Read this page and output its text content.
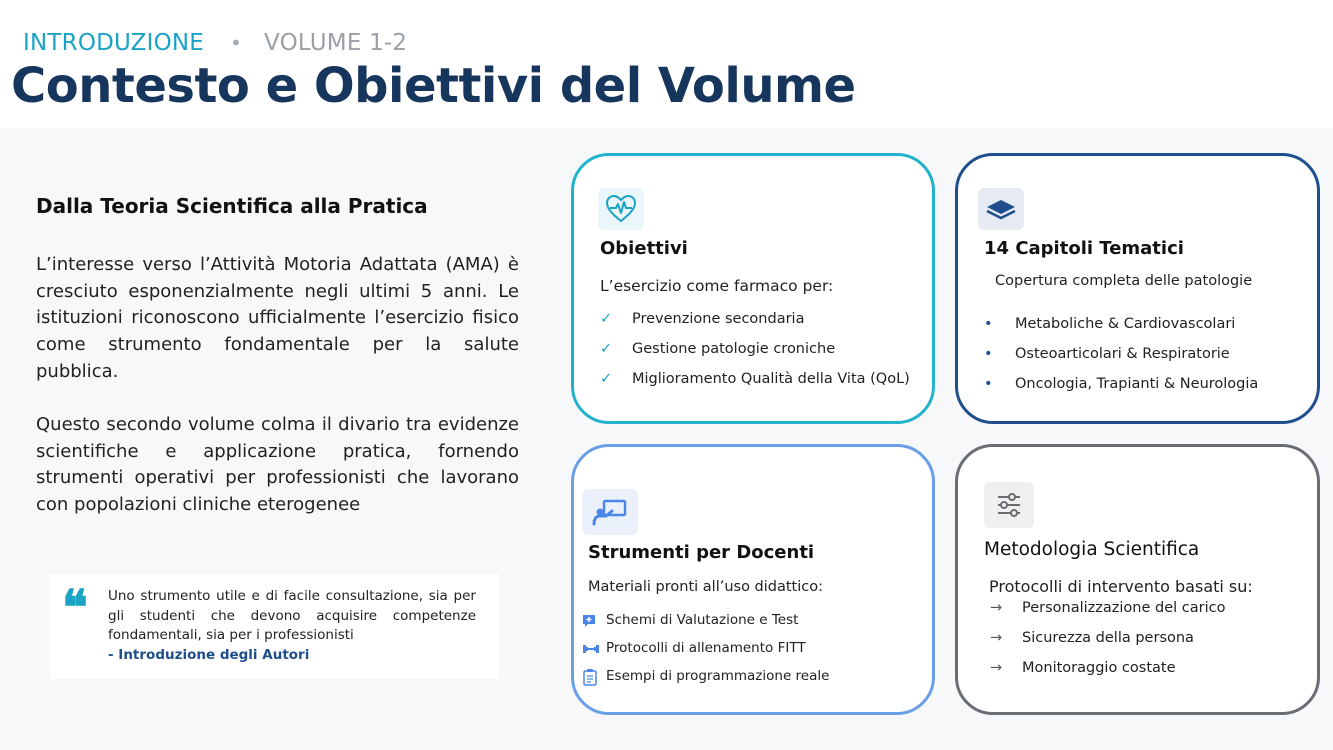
INTRODUZIONE • VOLUME 1-2
Contesto e Obiettivi del Volume
Dalla Teoria Scientifica alla Pratica
L’interesse verso l’Attività Motoria Adattata (AMA) è cresciuto esponenzialmente negli ultimi 5 anni. Le istituzioni riconoscono ufficialmente l’esercizio fisico come strumento fondamentale per la salute pubblica.
Questo secondo volume colma il divario tra evidenze scientifiche e applicazione pratica, fornendo strumenti operativi per professionisti che lavorano con popolazioni cliniche eterogenee
❝ Uno strumento utile e di facile consultazione, sia per gli studenti che devono acquisire competenze fondamentali, sia per i professionisti
- Introduzione degli Autori
Obiettivi
L’esercizio come farmaco per:
✓ Prevenzione secondaria
✓ Gestione patologie croniche
✓ Miglioramento Qualità della Vita (QoL)
14 Capitoli Tematici
Copertura completa delle patologie
• Metaboliche & Cardiovascolari
• Osteoarticolari & Respiratorie
• Oncologia, Trapianti & Neurologia
Strumenti per Docenti
Materiali pronti all’uso didattico:
Schemi di Valutazione e Test
Protocolli di allenamento FITT
Esempi di programmazione reale
Metodologia Scientifica
Protocolli di intervento basati su:
→ Personalizzazione del carico
→ Sicurezza della persona
→ Monitoraggio costate
